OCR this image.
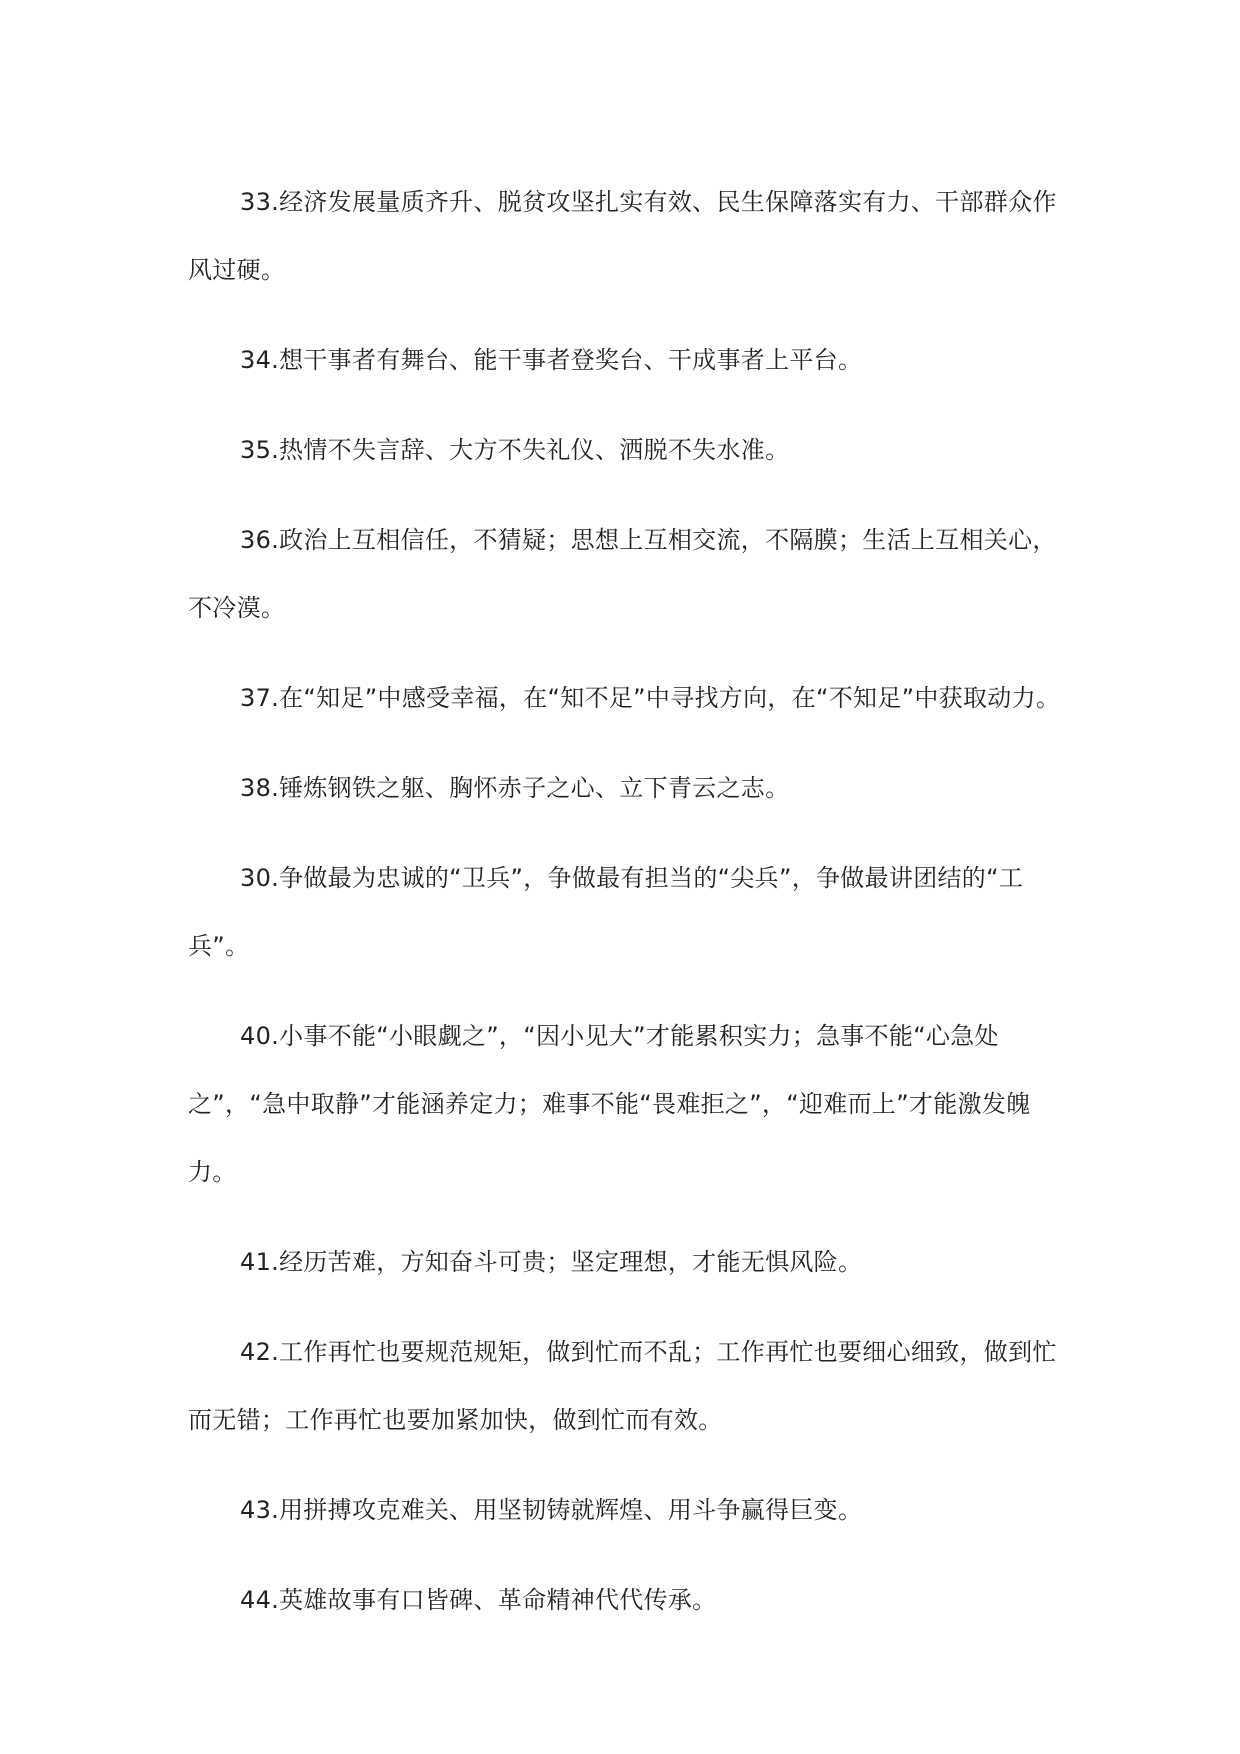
33.经济发展量质齐升、脱贫攻坚扎实有效、民生保障落实有力、干部群众作风过硬。

34.想干事者有舞台、能干事者登奖台、干成事者上平台。

35.热情不失言辞、大方不失礼仪、洒脱不失水准。

36.政治上互相信任，不猜疑；思想上互相交流，不隔膜；生活上互相关心，不冷漠。

37.在“知足”中感受幸福，在“知不足”中寻找方向，在“不知足”中获取动力。

38.锤炼钢铁之躯、胸怀赤子之心、立下青云之志。

30.争做最为忠诚的“卫兵”，争做最有担当的“尖兵”，争做最讲团结的“工兵”。

40.小事不能“小眼觑之”，“因小见大”才能累积实力；急事不能“心急处之”，“急中取静”才能涵养定力；难事不能“畏难拒之”，“迎难而上”才能激发魄力。

41.经历苦难，方知奋斗可贵；坚定理想，才能无惧风险。

42.工作再忙也要规范规矩，做到忙而不乱；工作再忙也要细心细致，做到忙而无错；工作再忙也要加紧加快，做到忙而有效。

43.用拼搏攻克难关、用坚韧铸就辉煌、用斗争赢得巨变。

44.英雄故事有口皆碑、革命精神代代传承。
